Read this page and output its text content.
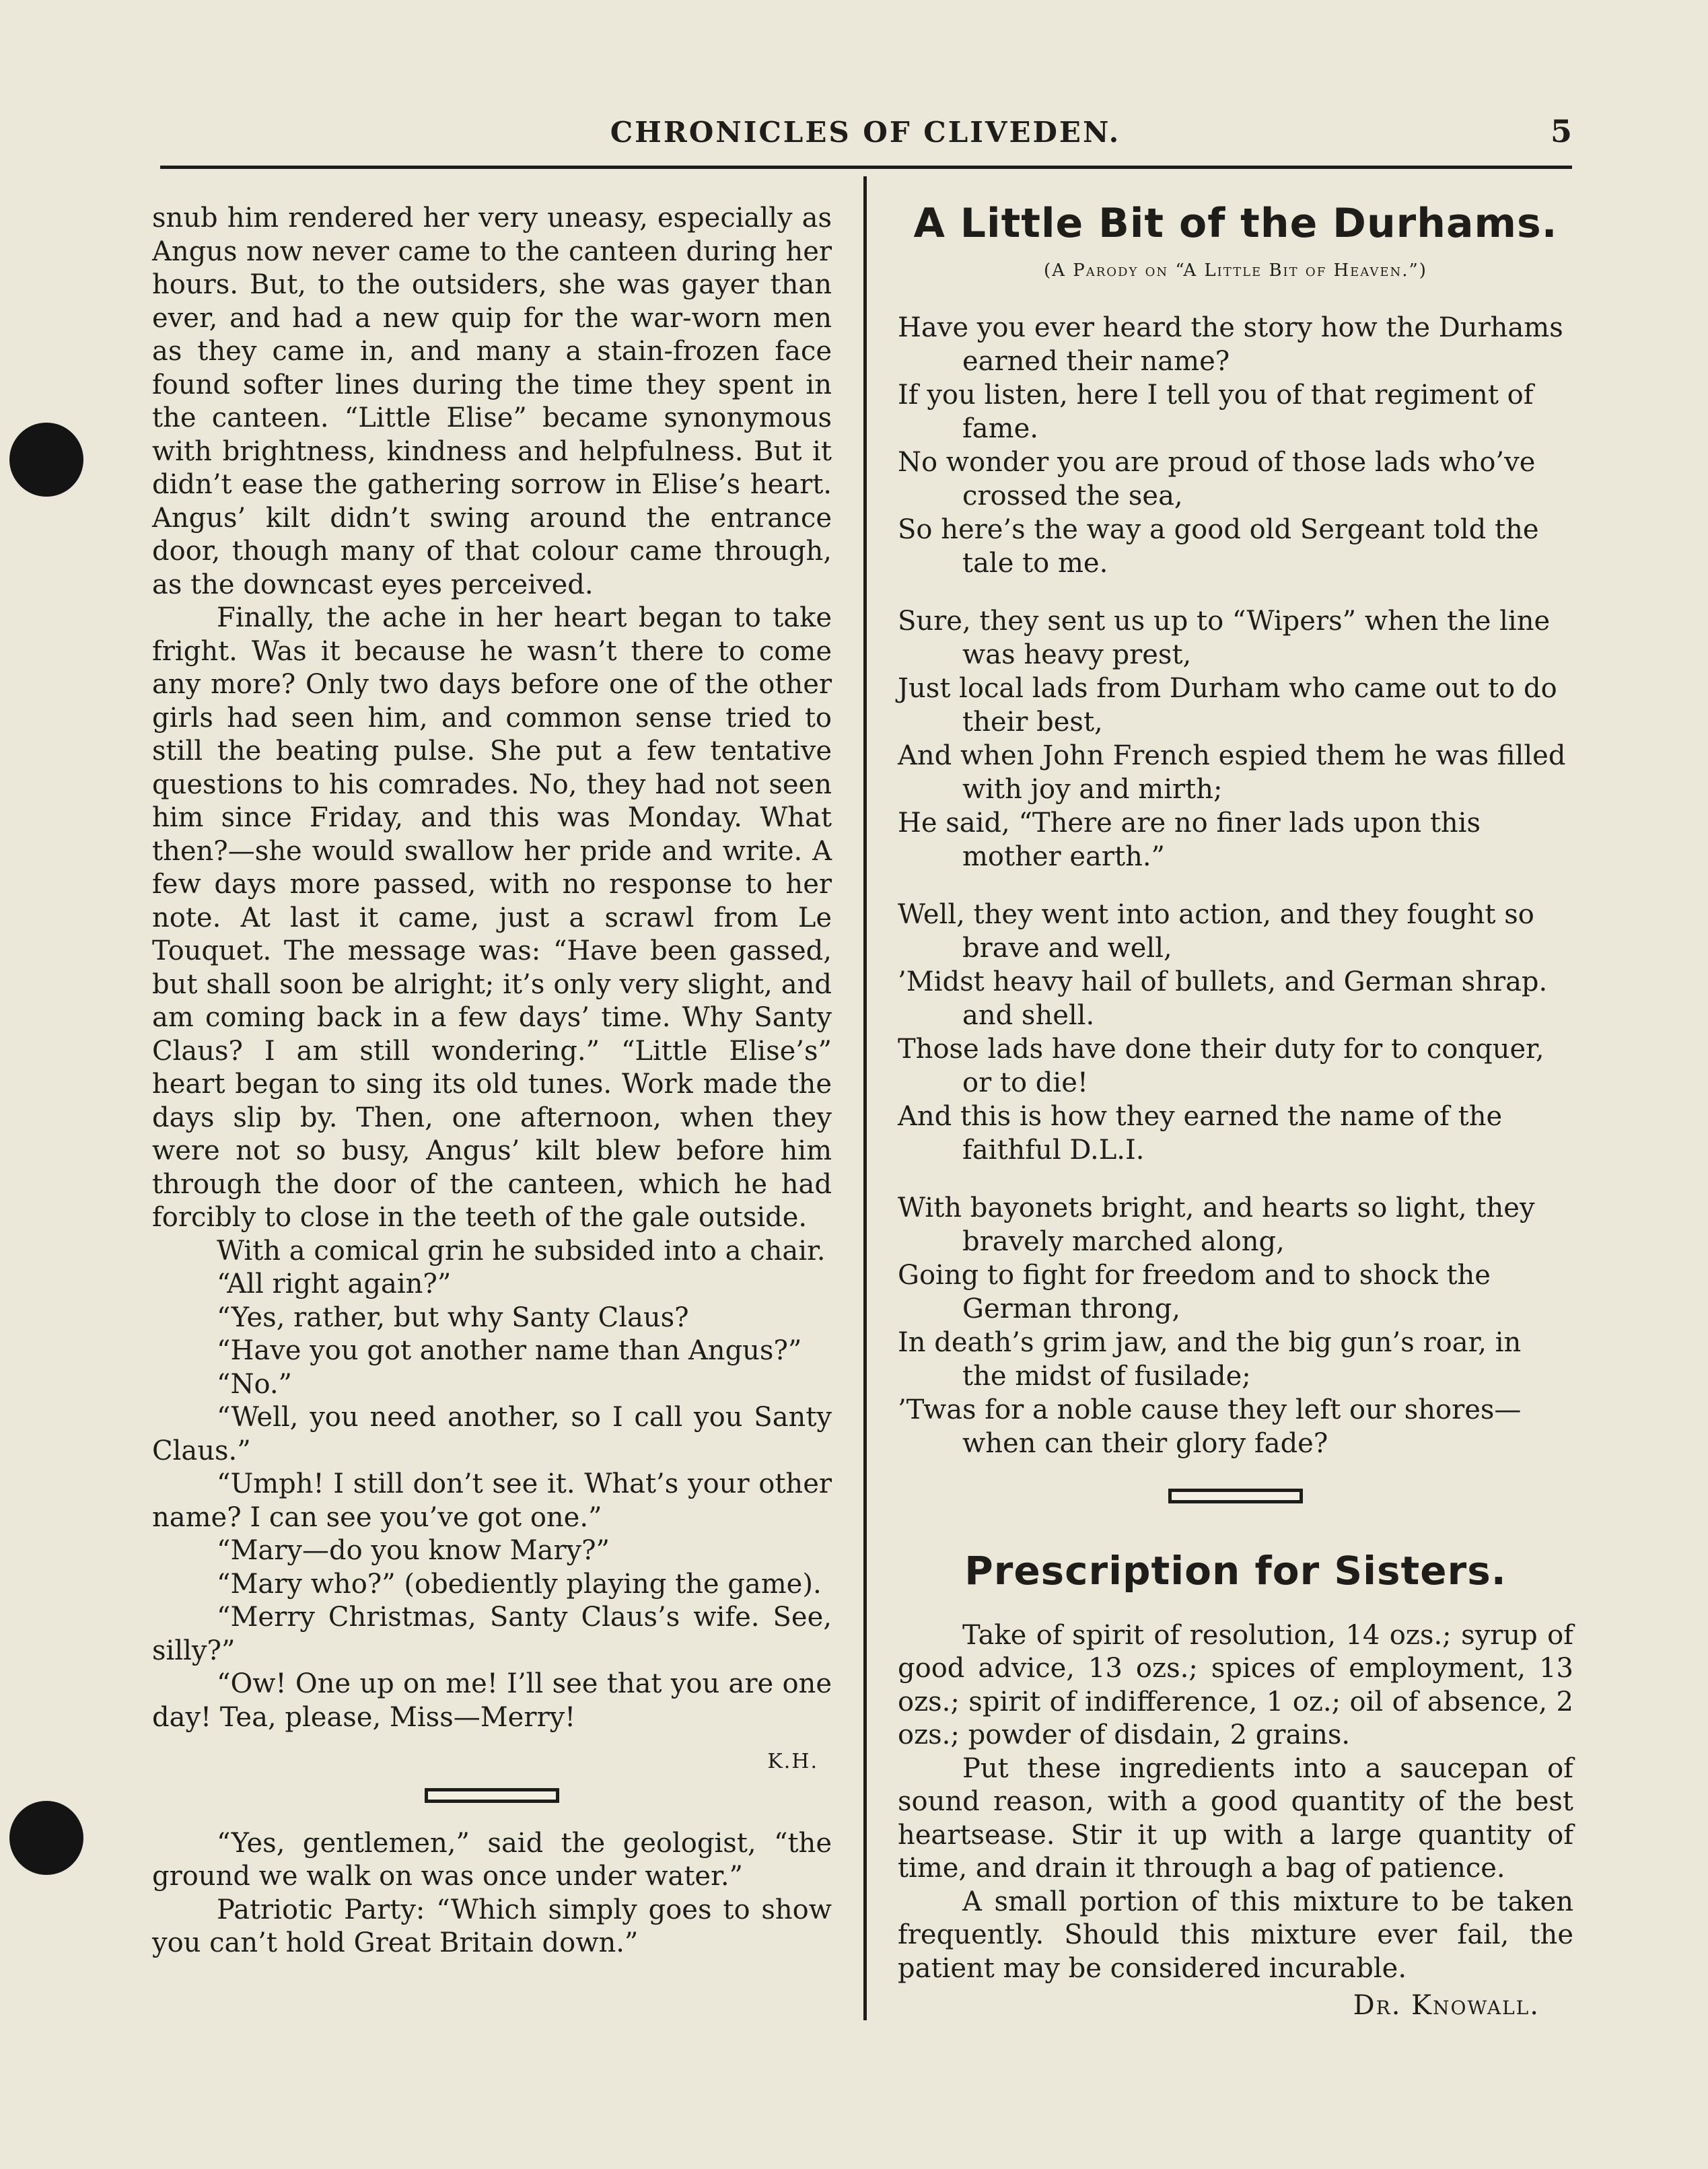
CHRONICLES OF CLIVEDEN.	5

snub him rendered her very uneasy, especially as Angus now never came to the canteen during her hours. But, to the outsiders, she was gayer than ever, and had a new quip for the war-worn men as they came in, and many a stain-frozen face found softer lines during the time they spent in the canteen. “Little Elise” became synonymous with brightness, kindness and helpfulness. But it didn’t ease the gathering sorrow in Elise’s heart. Angus’ kilt didn’t swing around the entrance door, though many of that colour came through, as the downcast eyes perceived.

Finally, the ache in her heart began to take fright. Was it because he wasn’t there to come any more? Only two days before one of the other girls had seen him, and common sense tried to still the beating pulse. She put a few tentative questions to his comrades. No, they had not seen him since Friday, and this was Monday. What then?—she would swallow her pride and write. A few days more passed, with no response to her note. At last it came, just a scrawl from Le Touquet. The message was: “Have been gassed, but shall soon be alright; it’s only very slight, and am coming back in a few days’ time. Why Santy Claus? I am still wondering.” “Little Elise’s” heart began to sing its old tunes. Work made the days slip by. Then, one afternoon, when they were not so busy, Angus’ kilt blew before him through the door of the canteen, which he had forcibly to close in the teeth of the gale outside.

With a comical grin he subsided into a chair.

“All right again?”

“Yes, rather, but why Santy Claus?

“Have you got another name than Angus?”

“No.”

“Well, you need another, so I call you Santy Claus.”

“Umph! I still don’t see it. What’s your other name? I can see you’ve got one.”

“Mary—do you know Mary?”

“Mary who?” (obediently playing the game).

“Merry Christmas, Santy Claus’s wife. See, silly?”

“Ow! One up on me! I’ll see that you are one day! Tea, please, Miss—Merry!

K.H.

“Yes, gentlemen,” said the geologist, “the ground we walk on was once under water.”

Patriotic Party: “Which simply goes to show you can’t hold Great Britain down.”

A Little Bit of the Durhams.
(A Parody on “A Little Bit of Heaven.”)
Have you ever heard the story how the Durhams earned their name?
If you listen, here I tell you of that regiment of fame.
No wonder you are proud of those lads who’ve crossed the sea,
So here’s the way a good old Sergeant told the tale to me.
Sure, they sent us up to “Wipers” when the line was heavy prest,
Just local lads from Durham who came out to do their best,
And when John French espied them he was filled with joy and mirth;
He said, “There are no finer lads upon this mother earth.”
Well, they went into action, and they fought so brave and well,
’Midst heavy hail of bullets, and German shrap. and shell.
Those lads have done their duty for to conquer, or to die!
And this is how they earned the name of the faithful D.L.I.
With bayonets bright, and hearts so light, they bravely marched along,
Going to fight for freedom and to shock the German throng,
In death’s grim jaw, and the big gun’s roar, in the midst of fusilade;
’Twas for a noble cause they left our shores— when can their glory fade?
Prescription for Sisters.

Take of spirit of resolution, 14 ozs.; syrup of good advice, 13 ozs.; spices of employment, 13 ozs.; spirit of indifference, 1 oz.; oil of absence, 2 ozs.; powder of disdain, 2 grains.

Put these ingredients into a saucepan of sound reason, with a good quantity of the best heartsease. Stir it up with a large quantity of time, and drain it through a bag of patience.

A small portion of this mixture to be taken frequently. Should this mixture ever fail, the patient may be considered incurable.

Dr. Knowall.
